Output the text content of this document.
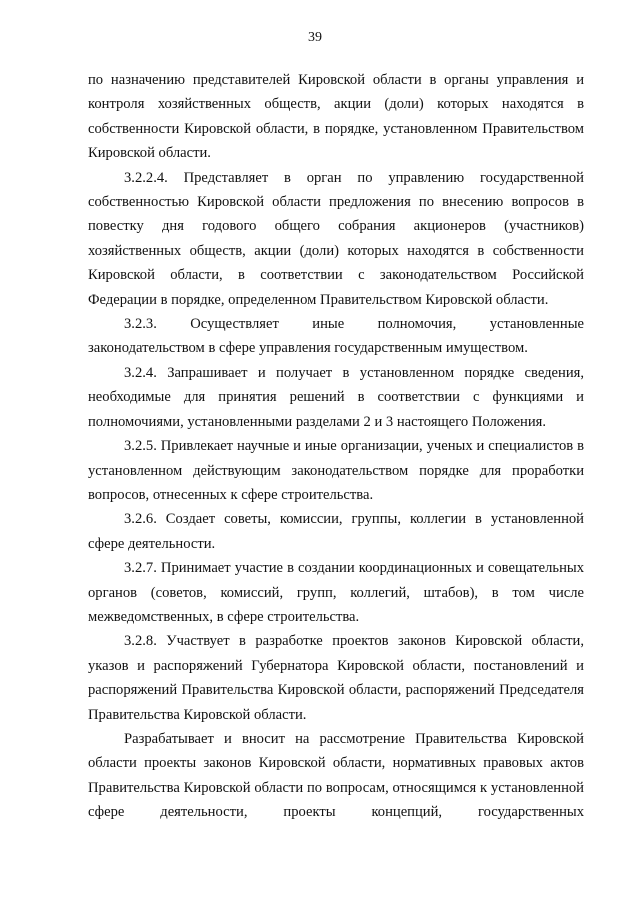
39

по назначению представителей Кировской области в органы управления и контроля хозяйственных обществ, акции (доли) которых находятся в собственности Кировской области, в порядке, установленном Правительством Кировской области.

3.2.2.4. Представляет в орган по управлению государственной собственностью Кировской области предложения по внесению вопросов в повестку дня годового общего собрания акционеров (участников) хозяйственных обществ, акции (доли) которых находятся в собственности Кировской области, в соответствии с законодательством Российской Федерации в порядке, определенном Правительством Кировской области.

3.2.3. Осуществляет иные полномочия, установленные законодательством в сфере управления государственным имуществом.

3.2.4. Запрашивает и получает в установленном порядке сведения, необходимые для принятия решений в соответствии с функциями и полномочиями, установленными разделами 2 и 3 настоящего Положения.

3.2.5. Привлекает научные и иные организации, ученых и специалистов в установленном действующим законодательством порядке для проработки вопросов, отнесенных к сфере строительства.

3.2.6. Создает советы, комиссии, группы, коллегии в установленной сфере деятельности.

3.2.7. Принимает участие в создании координационных и совещательных органов (советов, комиссий, групп, коллегий, штабов), в том числе межведомственных, в сфере строительства.

3.2.8. Участвует в разработке проектов законов Кировской области, указов и распоряжений Губернатора Кировской области, постановлений и распоряжений Правительства Кировской области, распоряжений Председателя Правительства Кировской области.

Разрабатывает и вносит на рассмотрение Правительства Кировской области проекты законов Кировской области, нормативных правовых актов Правительства Кировской области по вопросам, относящимся к установленной сфере деятельности, проекты концепций, государственных
